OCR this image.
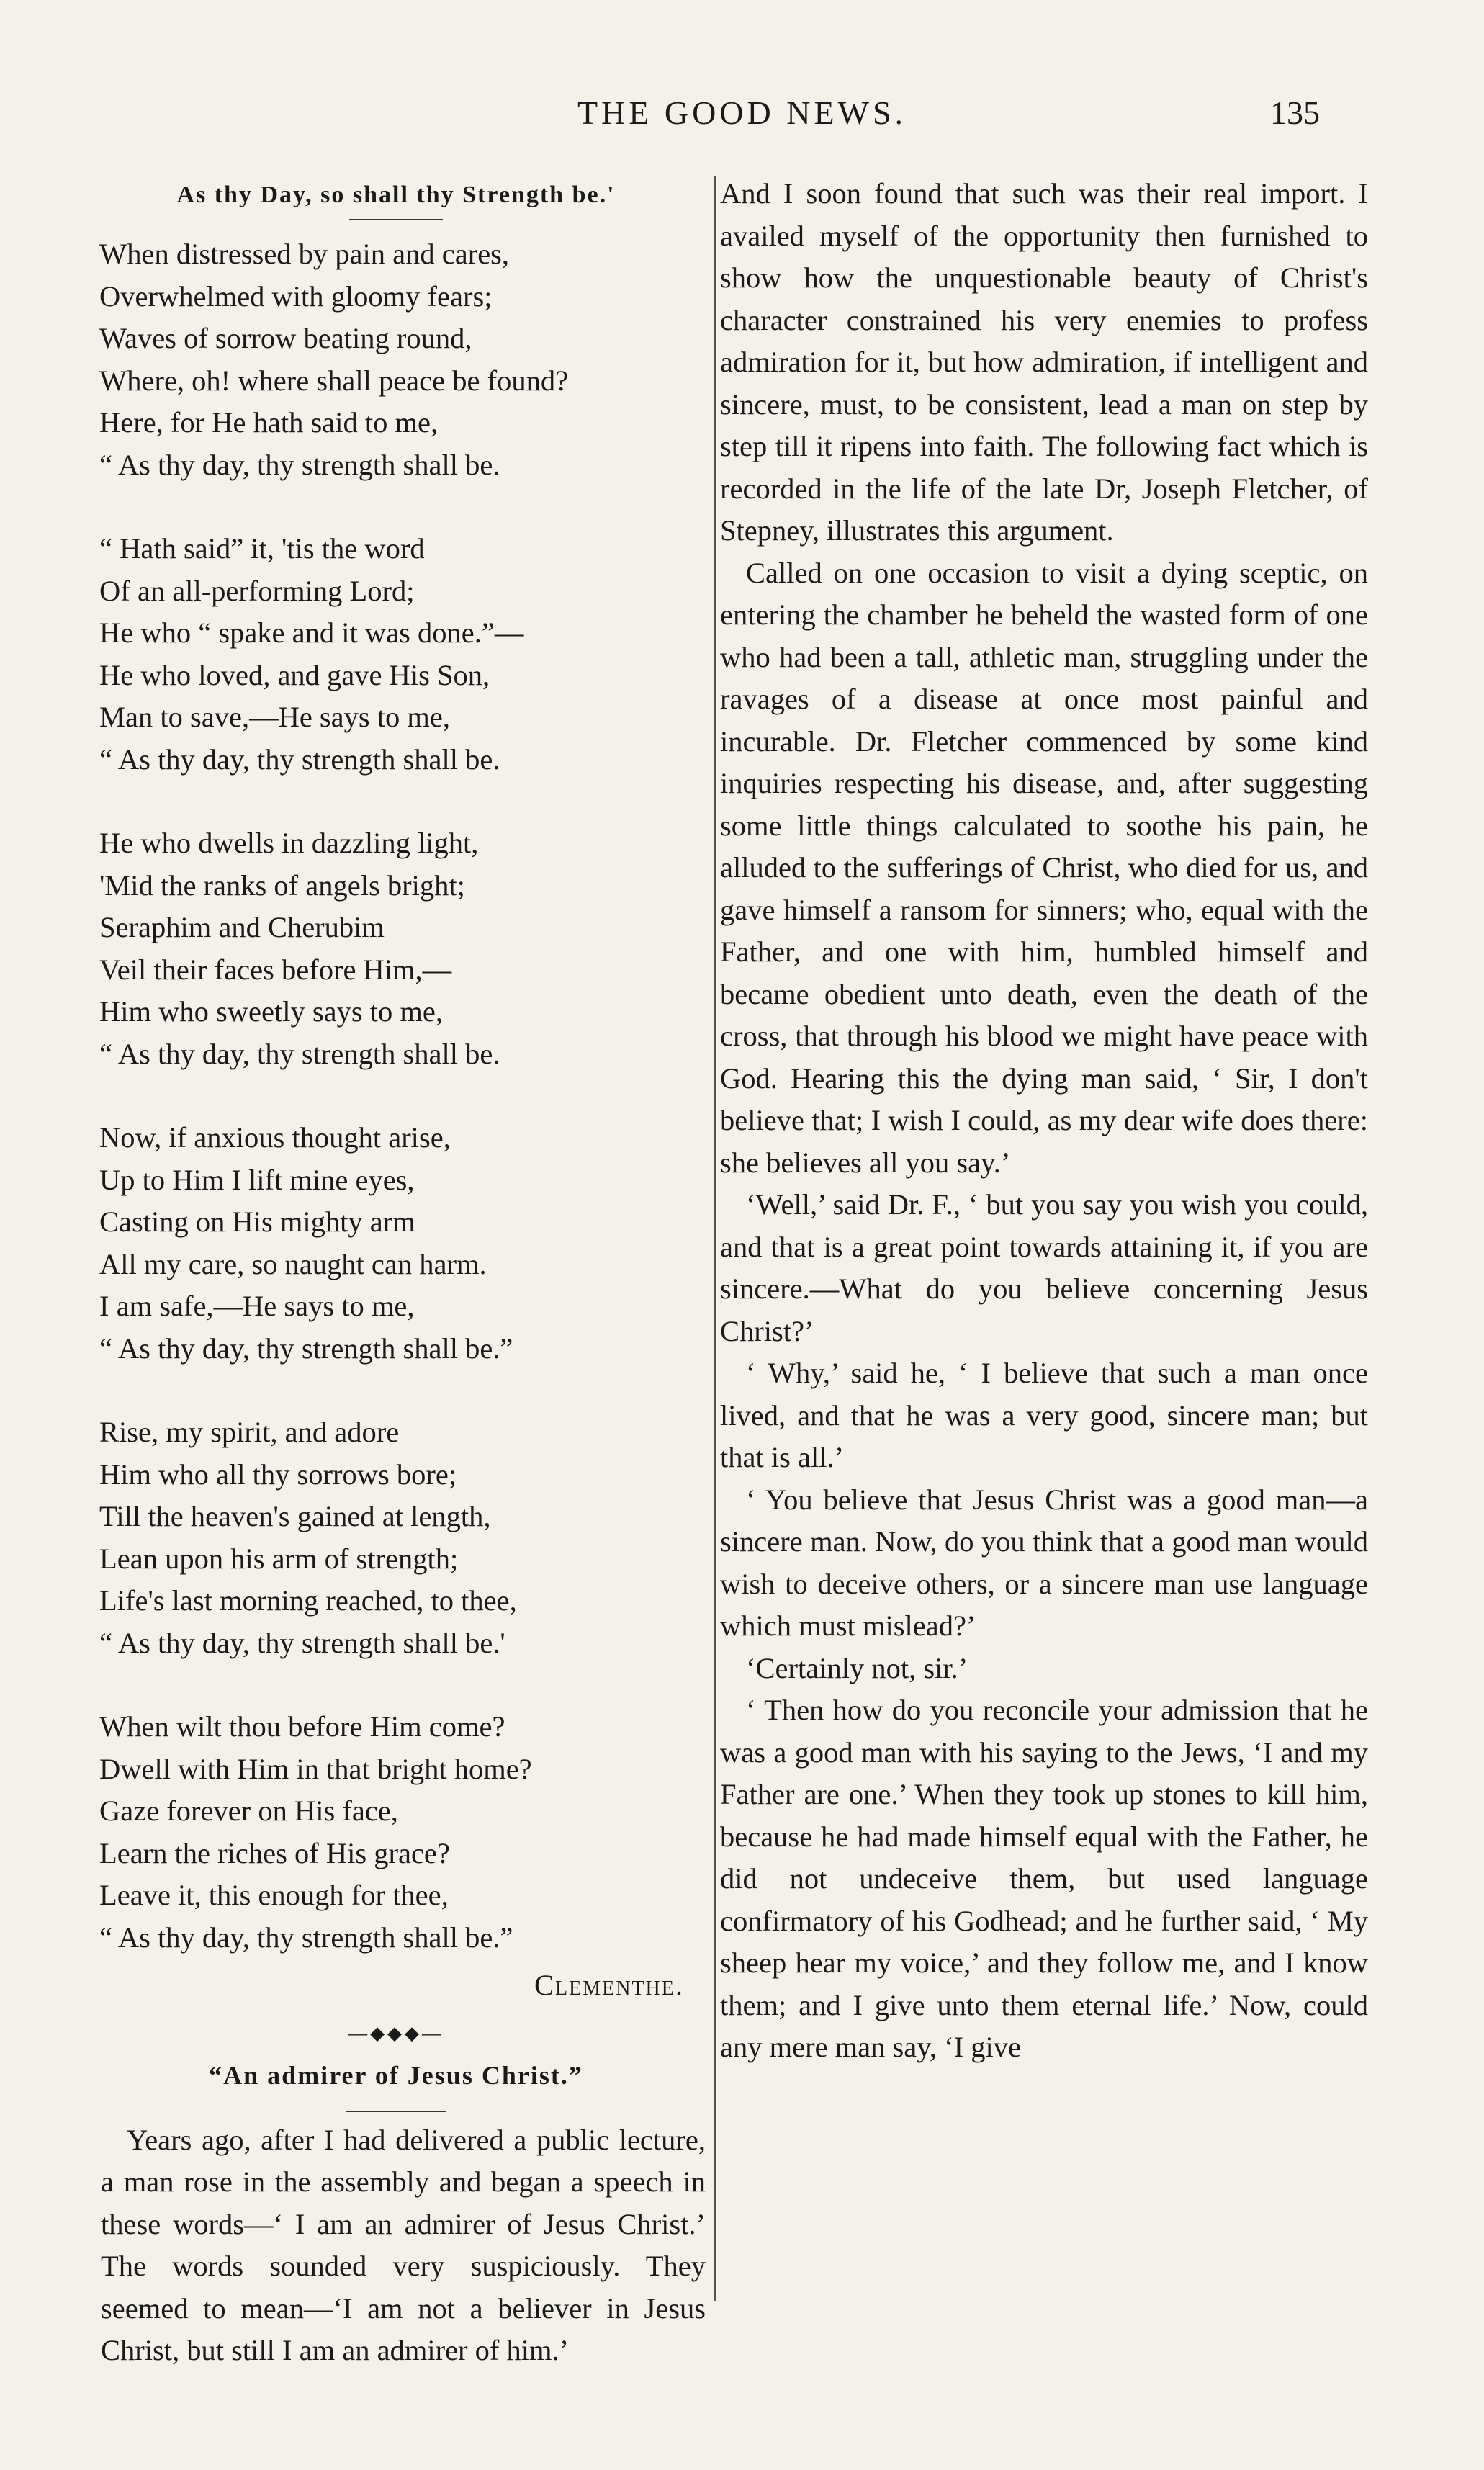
THE GOOD NEWS.	135
As thy Day, so shall thy Strength be.'
When distressed by pain and cares,
Overwhelmed with gloomy fears;
Waves of sorrow beating round,
Where, oh! where shall peace be found?
Here, for He hath said to me,
“ As thy day, thy strength shall be.
“ Hath said” it, 'tis the word
Of an all-performing Lord;
He who “ spake and it was done.”—
He who loved, and gave His Son,
Man to save,—He says to me,
“ As thy day, thy strength shall be.
He who dwells in dazzling light,
'Mid the ranks of angels bright;
Seraphim and Cherubim
Veil their faces before Him,—
Him who sweetly says to me,
“ As thy day, thy strength shall be.
Now, if anxious thought arise,
Up to Him I lift mine eyes,
Casting on His mighty arm
All my care, so naught can harm.
I am safe,—He says to me,
“ As thy day, thy strength shall be.”
Rise, my spirit, and adore
Him who all thy sorrows bore;
Till the heaven's gained at length,
Lean upon his arm of strength;
Life's last morning reached, to thee,
“ As thy day, thy strength shall be.'
When wilt thou before Him come?
Dwell with Him in that bright home?
Gaze forever on His face,
Learn the riches of His grace?
Leave it, this enough for thee,
“ As thy day, thy strength shall be.”
Clementhe.
—◆◆◆—
“An admirer of Jesus Christ.”

Years ago, after I had delivered a public lecture, a man rose in the assembly and began a speech in these words—‘ I am an admirer of Jesus Christ.’ The words sounded very suspiciously. They seemed to mean—‘I am not a believer in Jesus Christ, but still I am an admirer of him.’

And I soon found that such was their real import. I availed myself of the opportunity then furnished to show how the unquestionable beauty of Christ's character constrained his very enemies to profess admiration for it, but how admiration, if intelligent and sincere, must, to be consistent, lead a man on step by step till it ripens into faith. The following fact which is recorded in the life of the late Dr, Joseph Fletcher, of Stepney, illustrates this argument.

Called on one occasion to visit a dying sceptic, on entering the chamber he beheld the wasted form of one who had been a tall, athletic man, struggling under the ravages of a disease at once most painful and incurable. Dr. Fletcher commenced by some kind inquiries respecting his disease, and, after suggesting some little things calculated to soothe his pain, he alluded to the sufferings of Christ, who died for us, and gave himself a ransom for sinners; who, equal with the Father, and one with him, humbled himself and became obedient unto death, even the death of the cross, that through his blood we might have peace with God. Hearing this the dying man said, ‘ Sir, I don't believe that; I wish I could, as my dear wife does there: she believes all you say.’

‘Well,’ said Dr. F., ‘ but you say you wish you could, and that is a great point towards attaining it, if you are sincere.—What do you believe concerning Jesus Christ?’

‘ Why,’ said he, ‘ I believe that such a man once lived, and that he was a very good, sincere man; but that is all.’

‘ You believe that Jesus Christ was a good man—a sincere man. Now, do you think that a good man would wish to deceive others, or a sincere man use language which must mislead?’

‘Certainly not, sir.’

‘ Then how do you reconcile your admission that he was a good man with his saying to the Jews, ‘I and my Father are one.’ When they took up stones to kill him, because he had made himself equal with the Father, he did not undeceive them, but used language confirmatory of his Godhead; and he further said, ‘ My sheep hear my voice,’ and they follow me, and I know them; and I give unto them eternal life.’ Now, could any mere man say, ‘I give
